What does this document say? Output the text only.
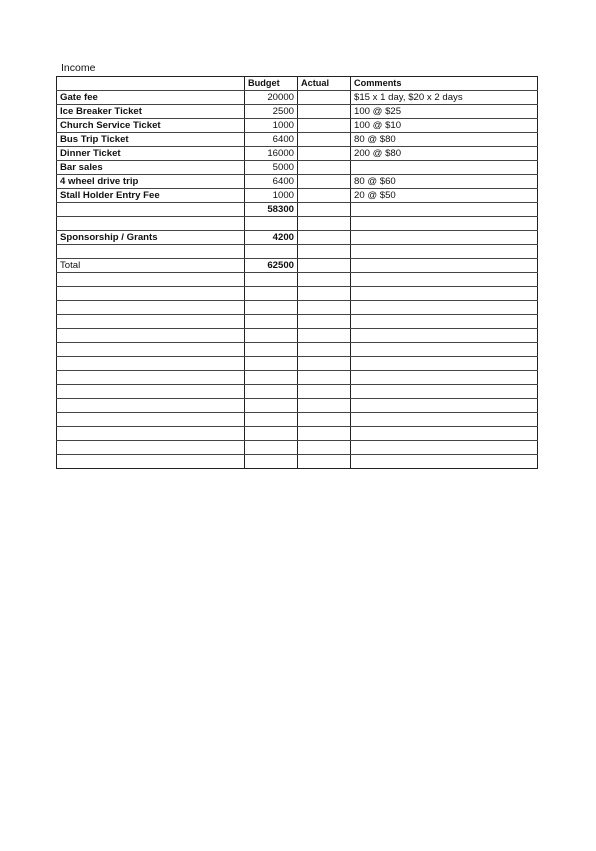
Income
	Budget	Actual	Comments
Gate fee	20000		$15 x 1 day, $20 x 2 days
Ice Breaker Ticket	2500		100 @ $25
Church Service Ticket	1000		100 @ $10
Bus Trip Ticket	6400		80 @ $80
Dinner Ticket	16000		200 @ $80
Bar sales	5000		
4 wheel drive trip	6400		80 @ $60
Stall Holder Entry Fee	1000		20 @ $50
	58300		

Sponsorship / Grants	4200		

Total	62500		
